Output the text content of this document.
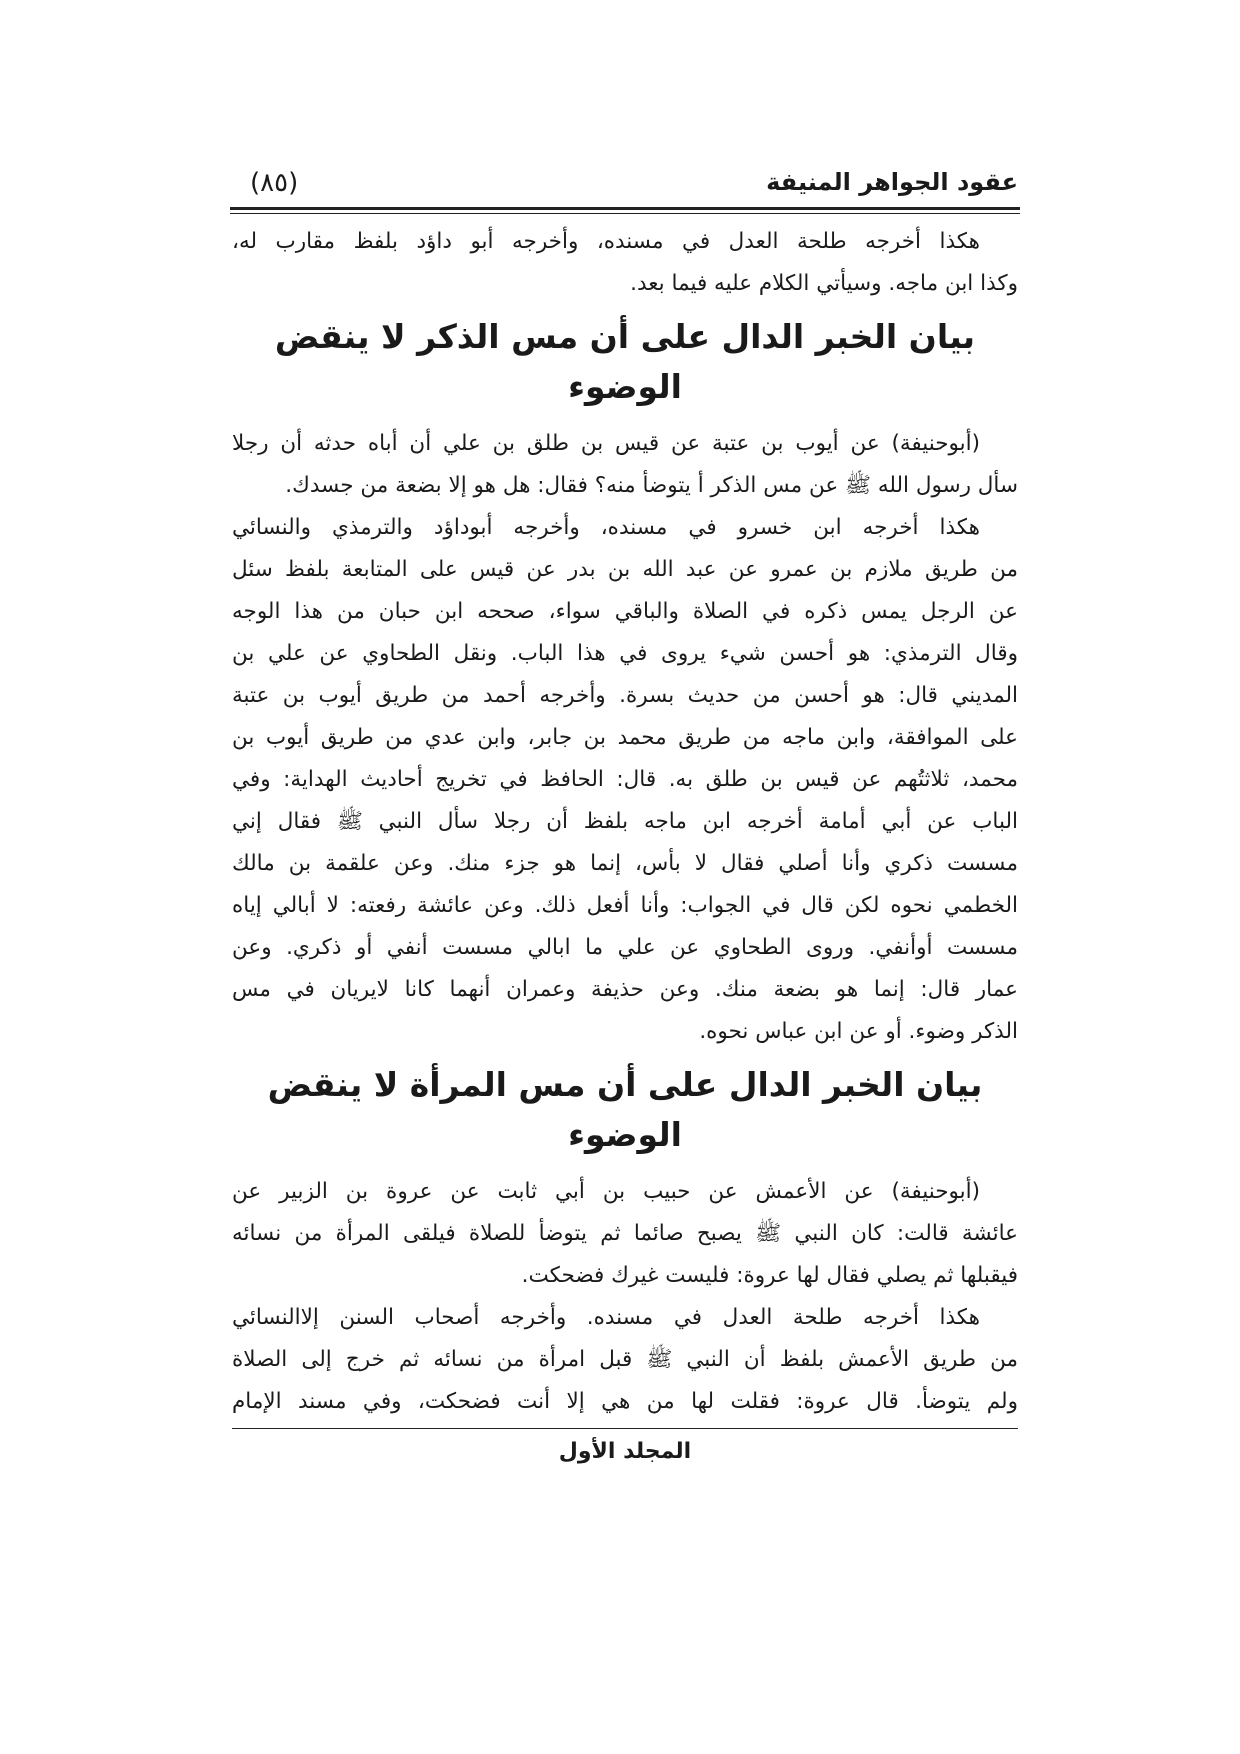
عقود الجواهر المنيفة
(٨٥)
هكذا أخرجه طلحة العدل في مسنده، وأخرجه أبو داؤد بلفظ مقارب له،
وكذا ابن ماجه. وسيأتي الكلام عليه فيما بعد.
بيان الخبر الدال على أن مس الذكر لا ينقض الوضوء
(أبوحنيفة) عن أيوب بن عتبة عن قيس بن طلق بن علي أن أباه حدثه أن رجلا
سأل رسول الله ﷺ عن مس الذكر أ يتوضأ منه؟ فقال: هل هو إلا بضعة من جسدك.
هكذا أخرجه ابن خسرو في مسنده، وأخرجه أبوداؤد والترمذي والنسائي
من طريق ملازم بن عمرو عن عبد الله بن بدر عن قيس على المتابعة بلفظ سئل
عن الرجل يمس ذكره في الصلاة والباقي سواء، صححه ابن حبان من هذا الوجه
وقال الترمذي: هو أحسن شيء يروى في هذا الباب. ونقل الطحاوي عن علي بن
المديني قال: هو أحسن من حديث بسرة. وأخرجه أحمد من طريق أيوب بن عتبة
على الموافقة، وابن ماجه من طريق محمد بن جابر، وابن عدي من طريق أيوب بن
محمد، ثلاثتُهم عن قيس بن طلق به. قال: الحافظ في تخريج أحاديث الهداية: وفي
الباب عن أبي أمامة أخرجه ابن ماجه بلفظ أن رجلا سأل النبي ﷺ فقال إني
مسست ذكري وأنا أصلي فقال لا بأس، إنما هو جزء منك. وعن علقمة بن مالك
الخطمي نحوه لكن قال في الجواب: وأنا أفعل ذلك. وعن عائشة رفعته: لا أبالي إياه
مسست أوأنفي. وروى الطحاوي عن علي ما ابالي مسست أنفي أو ذكري. وعن
عمار قال: إنما هو بضعة منك. وعن حذيفة وعمران أنهما كانا لايريان في مس
الذكر وضوء. أو عن ابن عباس نحوه.
بيان الخبر الدال على أن مس المرأة لا ينقض الوضوء
(أبوحنيفة) عن الأعمش عن حبيب بن أبي ثابت عن عروة بن الزبير عن
عائشة قالت: كان النبي ﷺ يصبح صائما ثم يتوضأ للصلاة فيلقى المرأة من نسائه
فيقبلها ثم يصلي فقال لها عروة: فليست غيرك فضحكت.
هكذا أخرجه طلحة العدل في مسنده. وأخرجه أصحاب السنن إلاالنسائي
من طريق الأعمش بلفظ أن النبي ﷺ قبل امرأة من نسائه ثم خرج إلى الصلاة
ولم يتوضأ. قال عروة: فقلت لها من هي إلا أنت فضحكت، وفي مسند الإمام
المجلد الأول
